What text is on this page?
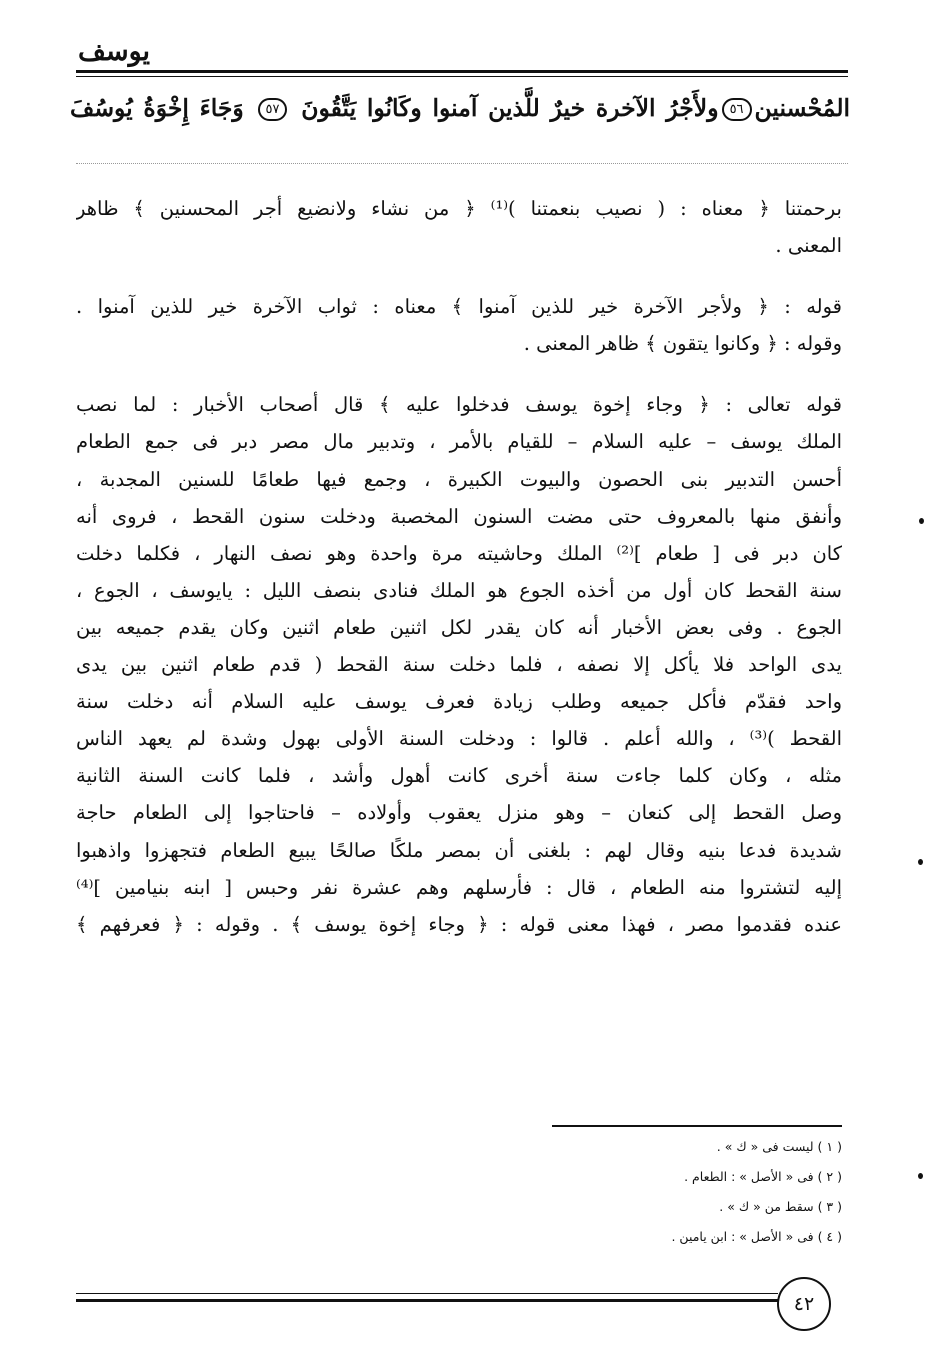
يوسف
المُحْسنين٥٦ولأَجْرُ الآخرة خيرٌ للَّذين آمنوا وكَانُوا يَتَّقُونَ ٥٧ وَجَاءَ إِخْوَةُ يُوسُفَ
برحمتنا ﴿ معناه : ( نصيب بنعمتنا )⁽¹⁾ ﴿ من نشاء ولانضيع أجر المحسنين ﴾ ظاهر
المعنى .
قوله : ﴿ ولأجر الآخرة خير للذين آمنوا ﴾ معناه : ثواب الآخرة خير للذين آمنوا .
وقوله : ﴿ وكانوا يتقون ﴾ ظاهر المعنى .
قوله تعالى : ﴿ وجاء إخوة يوسف فدخلوا عليه ﴾ قال أصحاب الأخبار : لما نصب
الملك يوسف – عليه السلام – للقيام بالأمر ، وتدبير مال مصر دبر فى جمع الطعام
أحسن التدبير بنى الحصون والبيوت الكبيرة ، وجمع فيها طعامًا للسنين المجدبة ،
وأنفق منها بالمعروف حتى مضت السنون المخصبة ودخلت سنون القحط ، فروى أنه
كان دبر فى [ طعام ]⁽²⁾ الملك وحاشيته مرة واحدة وهو نصف النهار ، فكلما دخلت
سنة القحط كان أول من أخذه الجوع هو الملك فنادى بنصف الليل : يايوسف ، الجوع ،
الجوع . وفى بعض الأخبار أنه كان يقدر لكل اثنين طعام اثنين وكان يقدم جميعه بين
يدى الواحد فلا يأكل إلا نصفه ، فلما دخلت سنة القحط ( قدم طعام اثنين بين يدى
واحد فقدّم فأكل جميعه وطلب زيادة فعرف يوسف عليه السلام أنه دخلت سنة
القحط )⁽³⁾ ، والله أعلم . قالوا : ودخلت السنة الأولى بهول وشدة لم يعهد الناس
مثله ، وكان كلما جاءت سنة أخرى كانت أهول وأشد ، فلما كانت السنة الثانية
وصل القحط إلى كنعان – وهو منزل يعقوب وأولاده – فاحتاجوا إلى الطعام حاجة
شديدة فدعا بنيه وقال لهم : بلغنى أن بمصر ملكًا صالحًا يبيع الطعام فتجهزوا واذهبوا
إليه لتشتروا منه الطعام ، قال : فأرسلهم وهم عشرة نفر وحبس [ ابنه بنيامين ]⁽⁴⁾
عنده فقدموا مصر ، فهذا معنى قوله : ﴿ وجاء إخوة يوسف ﴾ . وقوله : ﴿ فعرفهم ﴾
( ١ ) ليست فى « ك » .
( ٢ ) فى « الأصل » : الطعام .
( ٣ ) سقط من « ك » .
( ٤ ) فى « الأصل » : ابن يامين .
٤٢
